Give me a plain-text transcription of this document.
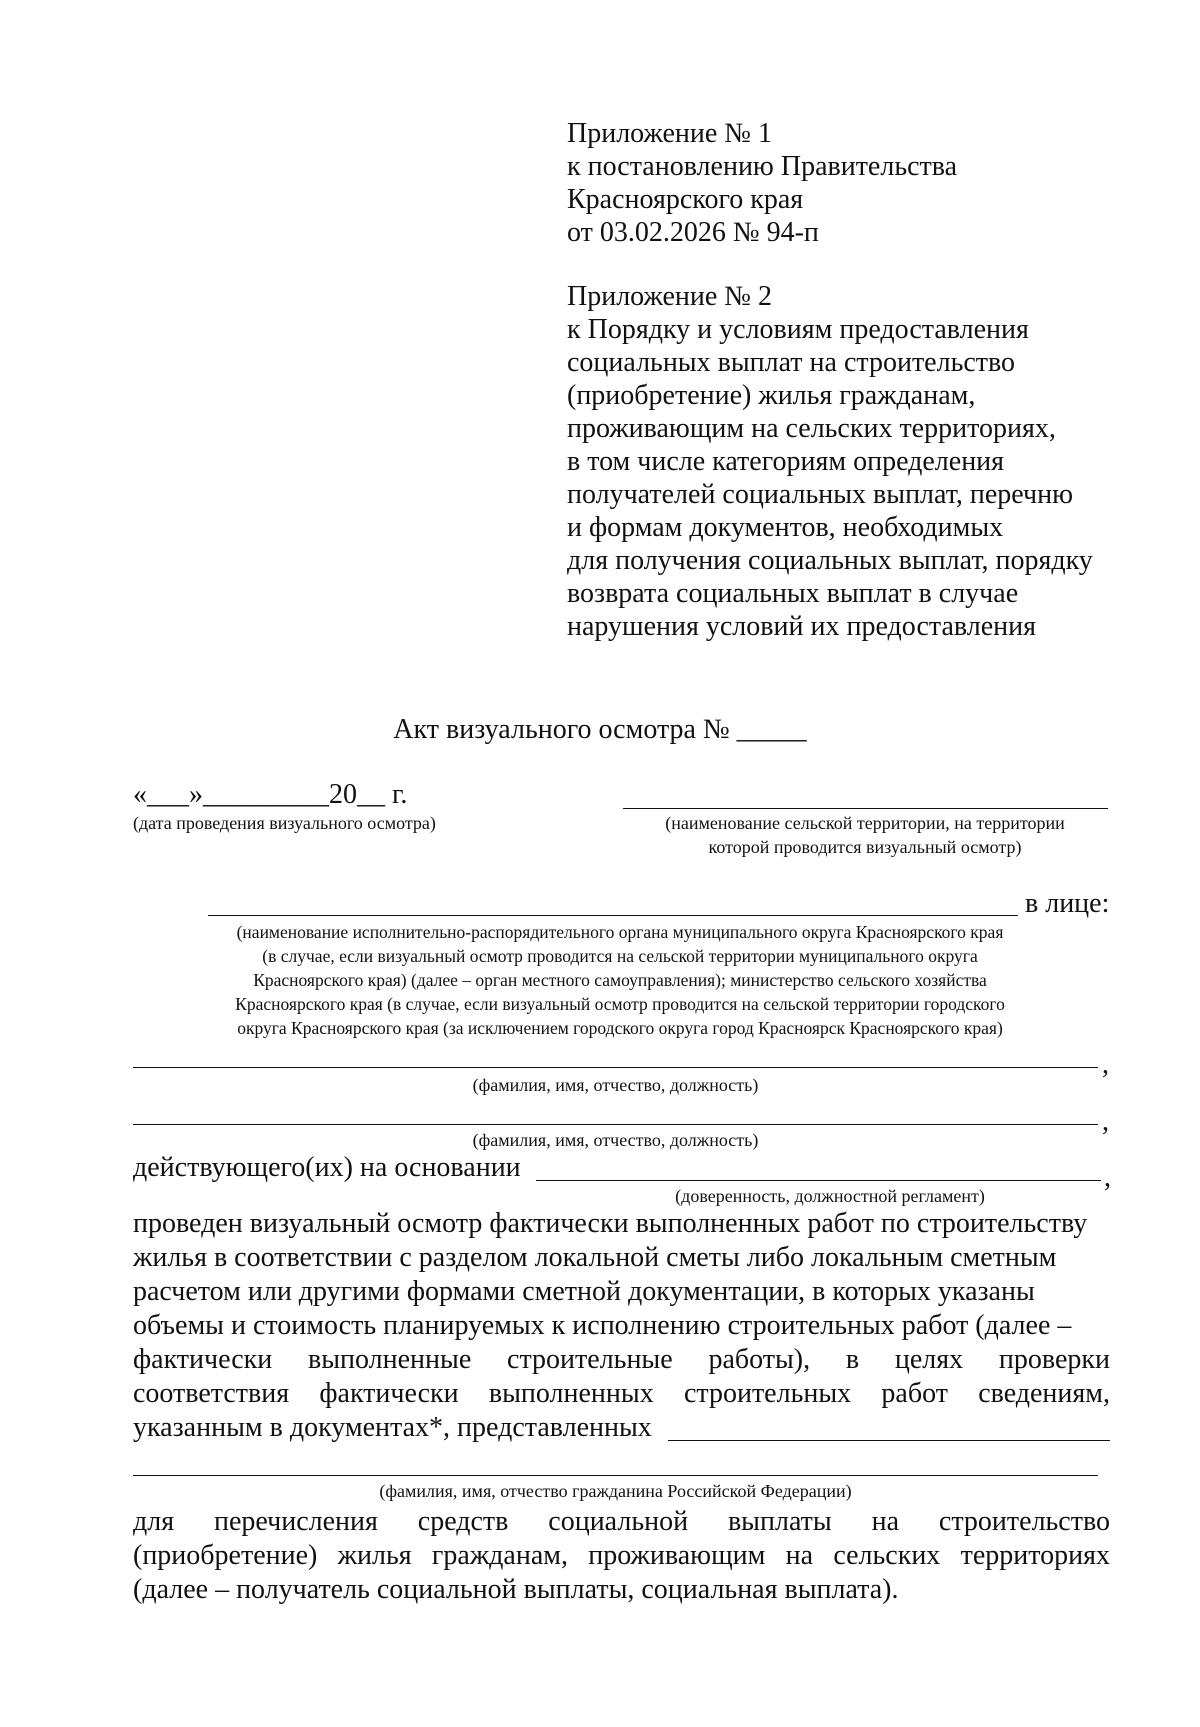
Приложение № 1
к постановлению Правительства
Красноярского края
от 03.02.2026 № 94-п
Приложение № 2
к Порядку и условиям предоставления
социальных выплат на строительство
(приобретение) жилья гражданам,
проживающим на сельских территориях,
в том числе категориям определения
получателей социальных выплат, перечню
и формам документов, необходимых
для получения социальных выплат, порядку
возврата социальных выплат в случае
нарушения условий их предоставления
Акт визуального осмотра № _____
«___»_________20__ г.
(дата проведения визуального осмотра)	(наименование сельской территории, на территории
которой проводится визуальный осмотр)
в лице:
(наименование исполнительно-распорядительного органа муниципального округа Красноярского края
(в случае, если визуальный осмотр проводится на сельской территории муниципального округа
Красноярского края) (далее – орган местного самоуправления); министерство сельского хозяйства
Красноярского края (в случае, если визуальный осмотр проводится на сельской территории городского
округа Красноярского края (за исключением городского округа город Красноярск Красноярского края)
,
(фамилия, имя, отчество, должность)
,
(фамилия, имя, отчество, должность)
действующего(их) на основании	,
(доверенность, должностной регламент)
проведен визуальный осмотр фактически выполненных работ по строительству
жилья в соответствии с разделом локальной сметы либо локальным сметным
расчетом или другими формами сметной документации, в которых указаны
объемы и стоимость планируемых к исполнению строительных работ (далее –
фактически выполненные строительные работы), в целях проверки
соответствия фактически выполненных строительных работ сведениям,
указанным в документах*, представленных
(фамилия, имя, отчество гражданина Российской Федерации)
для перечисления средств социальной выплаты на строительство
(приобретение) жилья гражданам, проживающим на сельских территориях
(далее – получатель социальной выплаты, социальная выплата).
